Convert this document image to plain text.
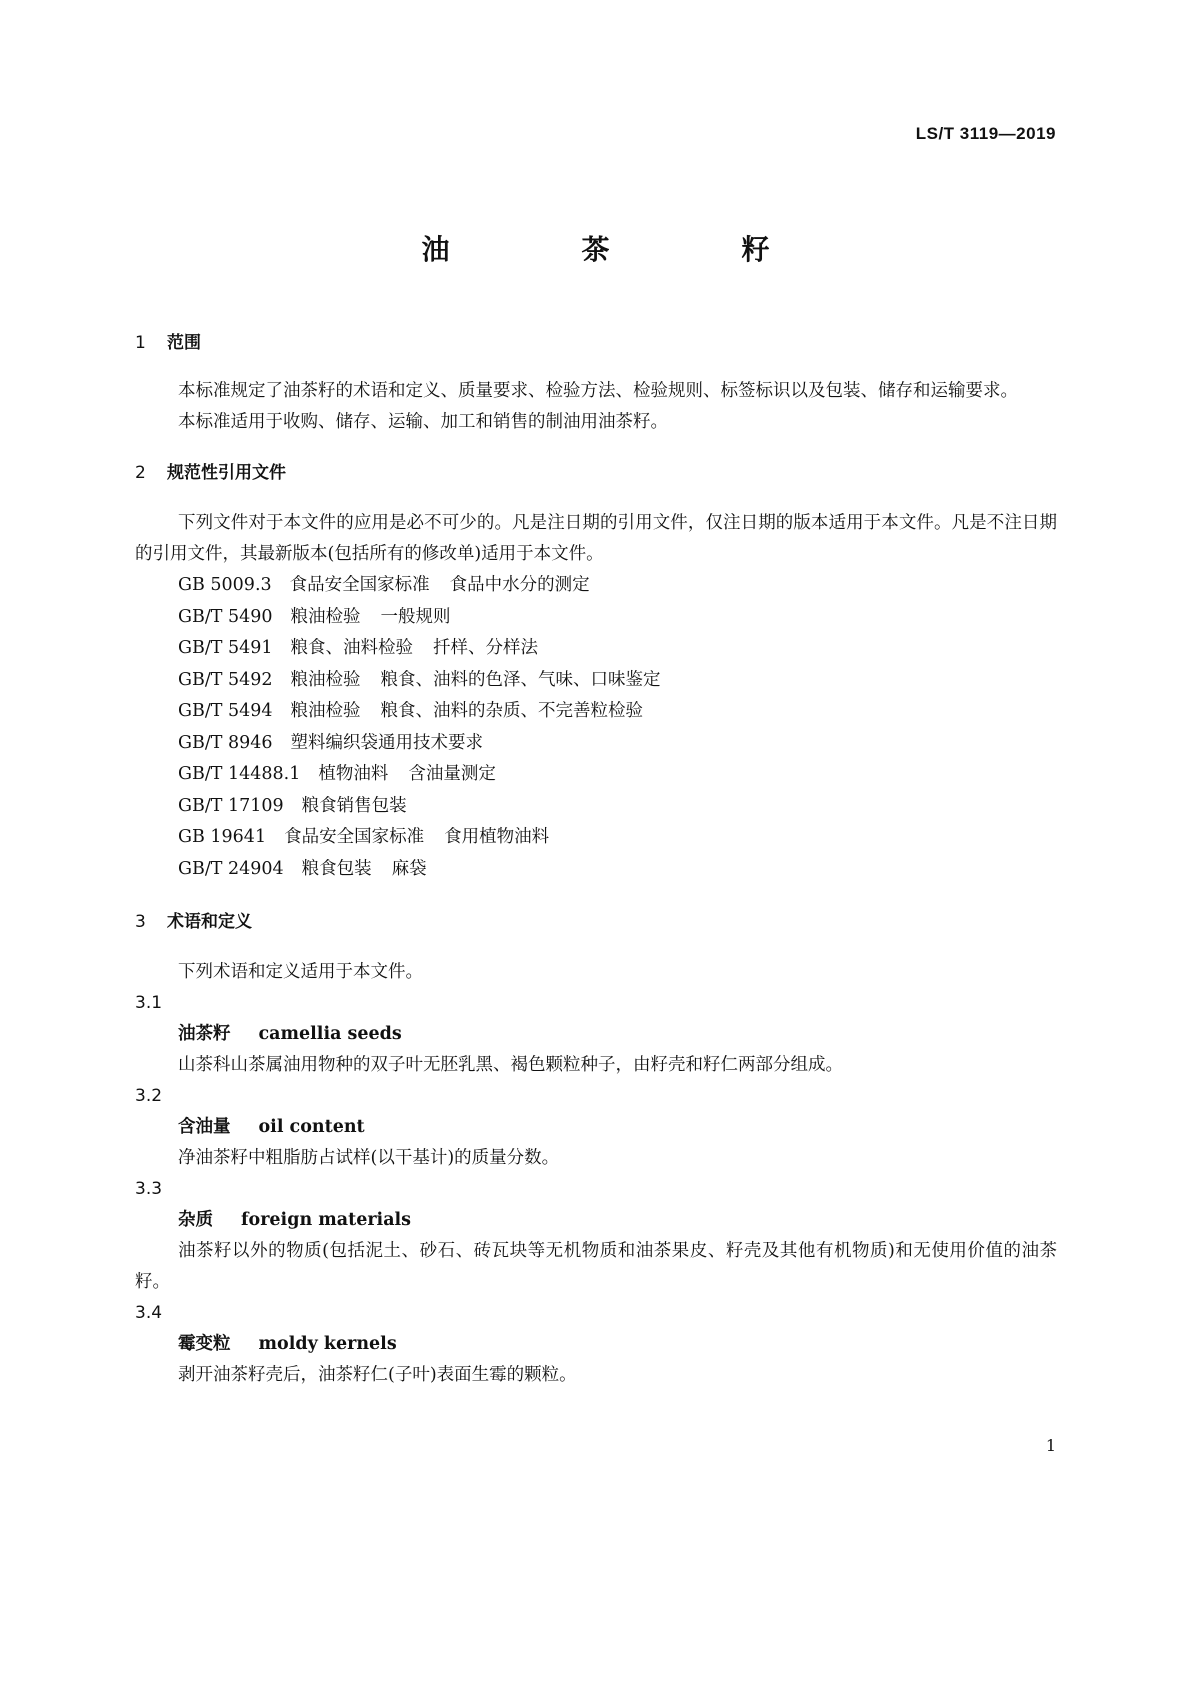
LS/T 3119—2019
油　茶　籽
1 范围

本标准规定了油茶籽的术语和定义、质量要求、检验方法、检验规则、标签标识以及包装、储存和运输要求。

本标准适用于收购、储存、运输、加工和销售的制油用油茶籽。

2 规范性引用文件

下列文件对于本文件的应用是必不可少的。凡是注日期的引用文件，仅注日期的版本适用于本文件。凡是不注日期的引用文件，其最新版本(包括所有的修改单)适用于本文件。

GB 5009.3 食品安全国家标准 食品中水分的测定
GB/T 5490 粮油检验 一般规则
GB/T 5491 粮食、油料检验 扦样、分样法
GB/T 5492 粮油检验 粮食、油料的色泽、气味、口味鉴定
GB/T 5494 粮油检验 粮食、油料的杂质、不完善粒检验
GB/T 8946 塑料编织袋通用技术要求
GB/T 14488.1 植物油料 含油量测定
GB/T 17109 粮食销售包装
GB 19641 食品安全国家标准 食用植物油料
GB/T 24904 粮食包装 麻袋
3 术语和定义

下列术语和定义适用于本文件。

3.1
油茶籽 camellia seeds

山茶科山茶属油用物种的双子叶无胚乳黑、褐色颗粒种子，由籽壳和籽仁两部分组成。

3.2
含油量 oil content

净油茶籽中粗脂肪占试样(以干基计)的质量分数。

3.3
杂质 foreign materials

油茶籽以外的物质(包括泥土、砂石、砖瓦块等无机物质和油茶果皮、籽壳及其他有机物质)和无使用价值的油茶籽。

3.4
霉变粒 moldy kernels

剥开油茶籽壳后，油茶籽仁(子叶)表面生霉的颗粒。

1
